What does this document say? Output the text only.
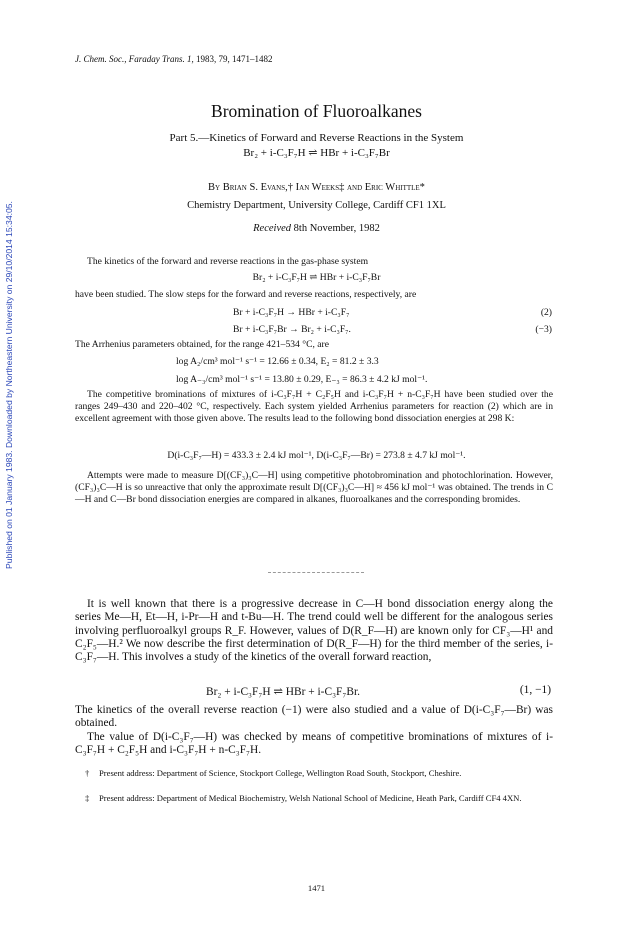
Published on 01 January 1983. Downloaded by Northeastern University on 29/10/2014 15:34:05.
J. Chem. Soc., Faraday Trans. 1, 1983, 79, 1471–1482
Bromination of Fluoroalkanes
Part 5.—Kinetics of Forward and Reverse Reactions in the System
Br₂ + i-C₃F₇H ⇌ HBr + i-C₃F₇Br
By Brian S. Evans,† Ian Weeks‡ and Eric Whittle*
Chemistry Department, University College, Cardiff CF1 1XL
Received 8th November, 1982
The kinetics of the forward and reverse reactions in the gas-phase system
Br₂ + i-C₃F₇H ⇌ HBr + i-C₃F₇Br
have been studied. The slow steps for the forward and reverse reactions, respectively, are
Br + i-C₃F₇H → HBr + i-C₃F₇	(2)
Br + i-C₃F₇Br → Br₂ + i-C₃F₇.	(−3)
The Arrhenius parameters obtained, for the range 421–534 °C, are
log A₂/cm³ mol⁻¹ s⁻¹ = 12.66 ± 0.34, E₂ = 81.2 ± 3.3
log A₋₃/cm³ mol⁻¹ s⁻¹ = 13.80 ± 0.29, E₋₃ = 86.3 ± 4.2 kJ mol⁻¹.
The competitive brominations of mixtures of i-C₃F₇H + C₂F₅H and i-C₃F₇H + n-C₃F₇H have been studied over the ranges 249–430 and 220–402 °C, respectively. Each system yielded Arrhenius parameters for reaction (2) which are in excellent agreement with those given above. The results lead to the following bond dissociation energies at 298 K:
D(i-C₃F₇—H) = 433.3 ± 2.4 kJ mol⁻¹, D(i-C₃F₇—Br) = 273.8 ± 4.7 kJ mol⁻¹.
Attempts were made to measure D[(CF₃)₃C—H] using competitive photobromination and photochlorination. However, (CF₃)₃C—H is so unreactive that only the approximate result D[(CF₃)₃C—H] ≈ 456 kJ mol⁻¹ was obtained. The trends in C—H and C—Br bond dissociation energies are compared in alkanes, fluoroalkanes and the corresponding bromides.
It is well known that there is a progressive decrease in C—H bond dissociation energy along the series Me—H, Et—H, i-Pr—H and t-Bu—H. The trend could well be different for the analogous series involving perfluoroalkyl groups R_F. However, values of D(R_F—H) are known only for CF₃—H¹ and C₂F₅—H.² We now describe the first determination of D(R_F—H) for the third member of the series, i-C₃F₇—H. This involves a study of the kinetics of the overall forward reaction,
Br₂ + i-C₃F₇H ⇌ HBr + i-C₃F₇Br.	(1, −1)
The kinetics of the overall reverse reaction (−1) were also studied and a value of D(i-C₃F₇—Br) was obtained.
The value of D(i-C₃F₇—H) was checked by means of competitive brominations of mixtures of i-C₃F₇H + C₂F₅H and i-C₃F₇H + n-C₃F₇H.
† Present address: Department of Science, Stockport College, Wellington Road South, Stockport, Cheshire.
‡ Present address: Department of Medical Biochemistry, Welsh National School of Medicine, Heath Park, Cardiff CF4 4XN.
1471
